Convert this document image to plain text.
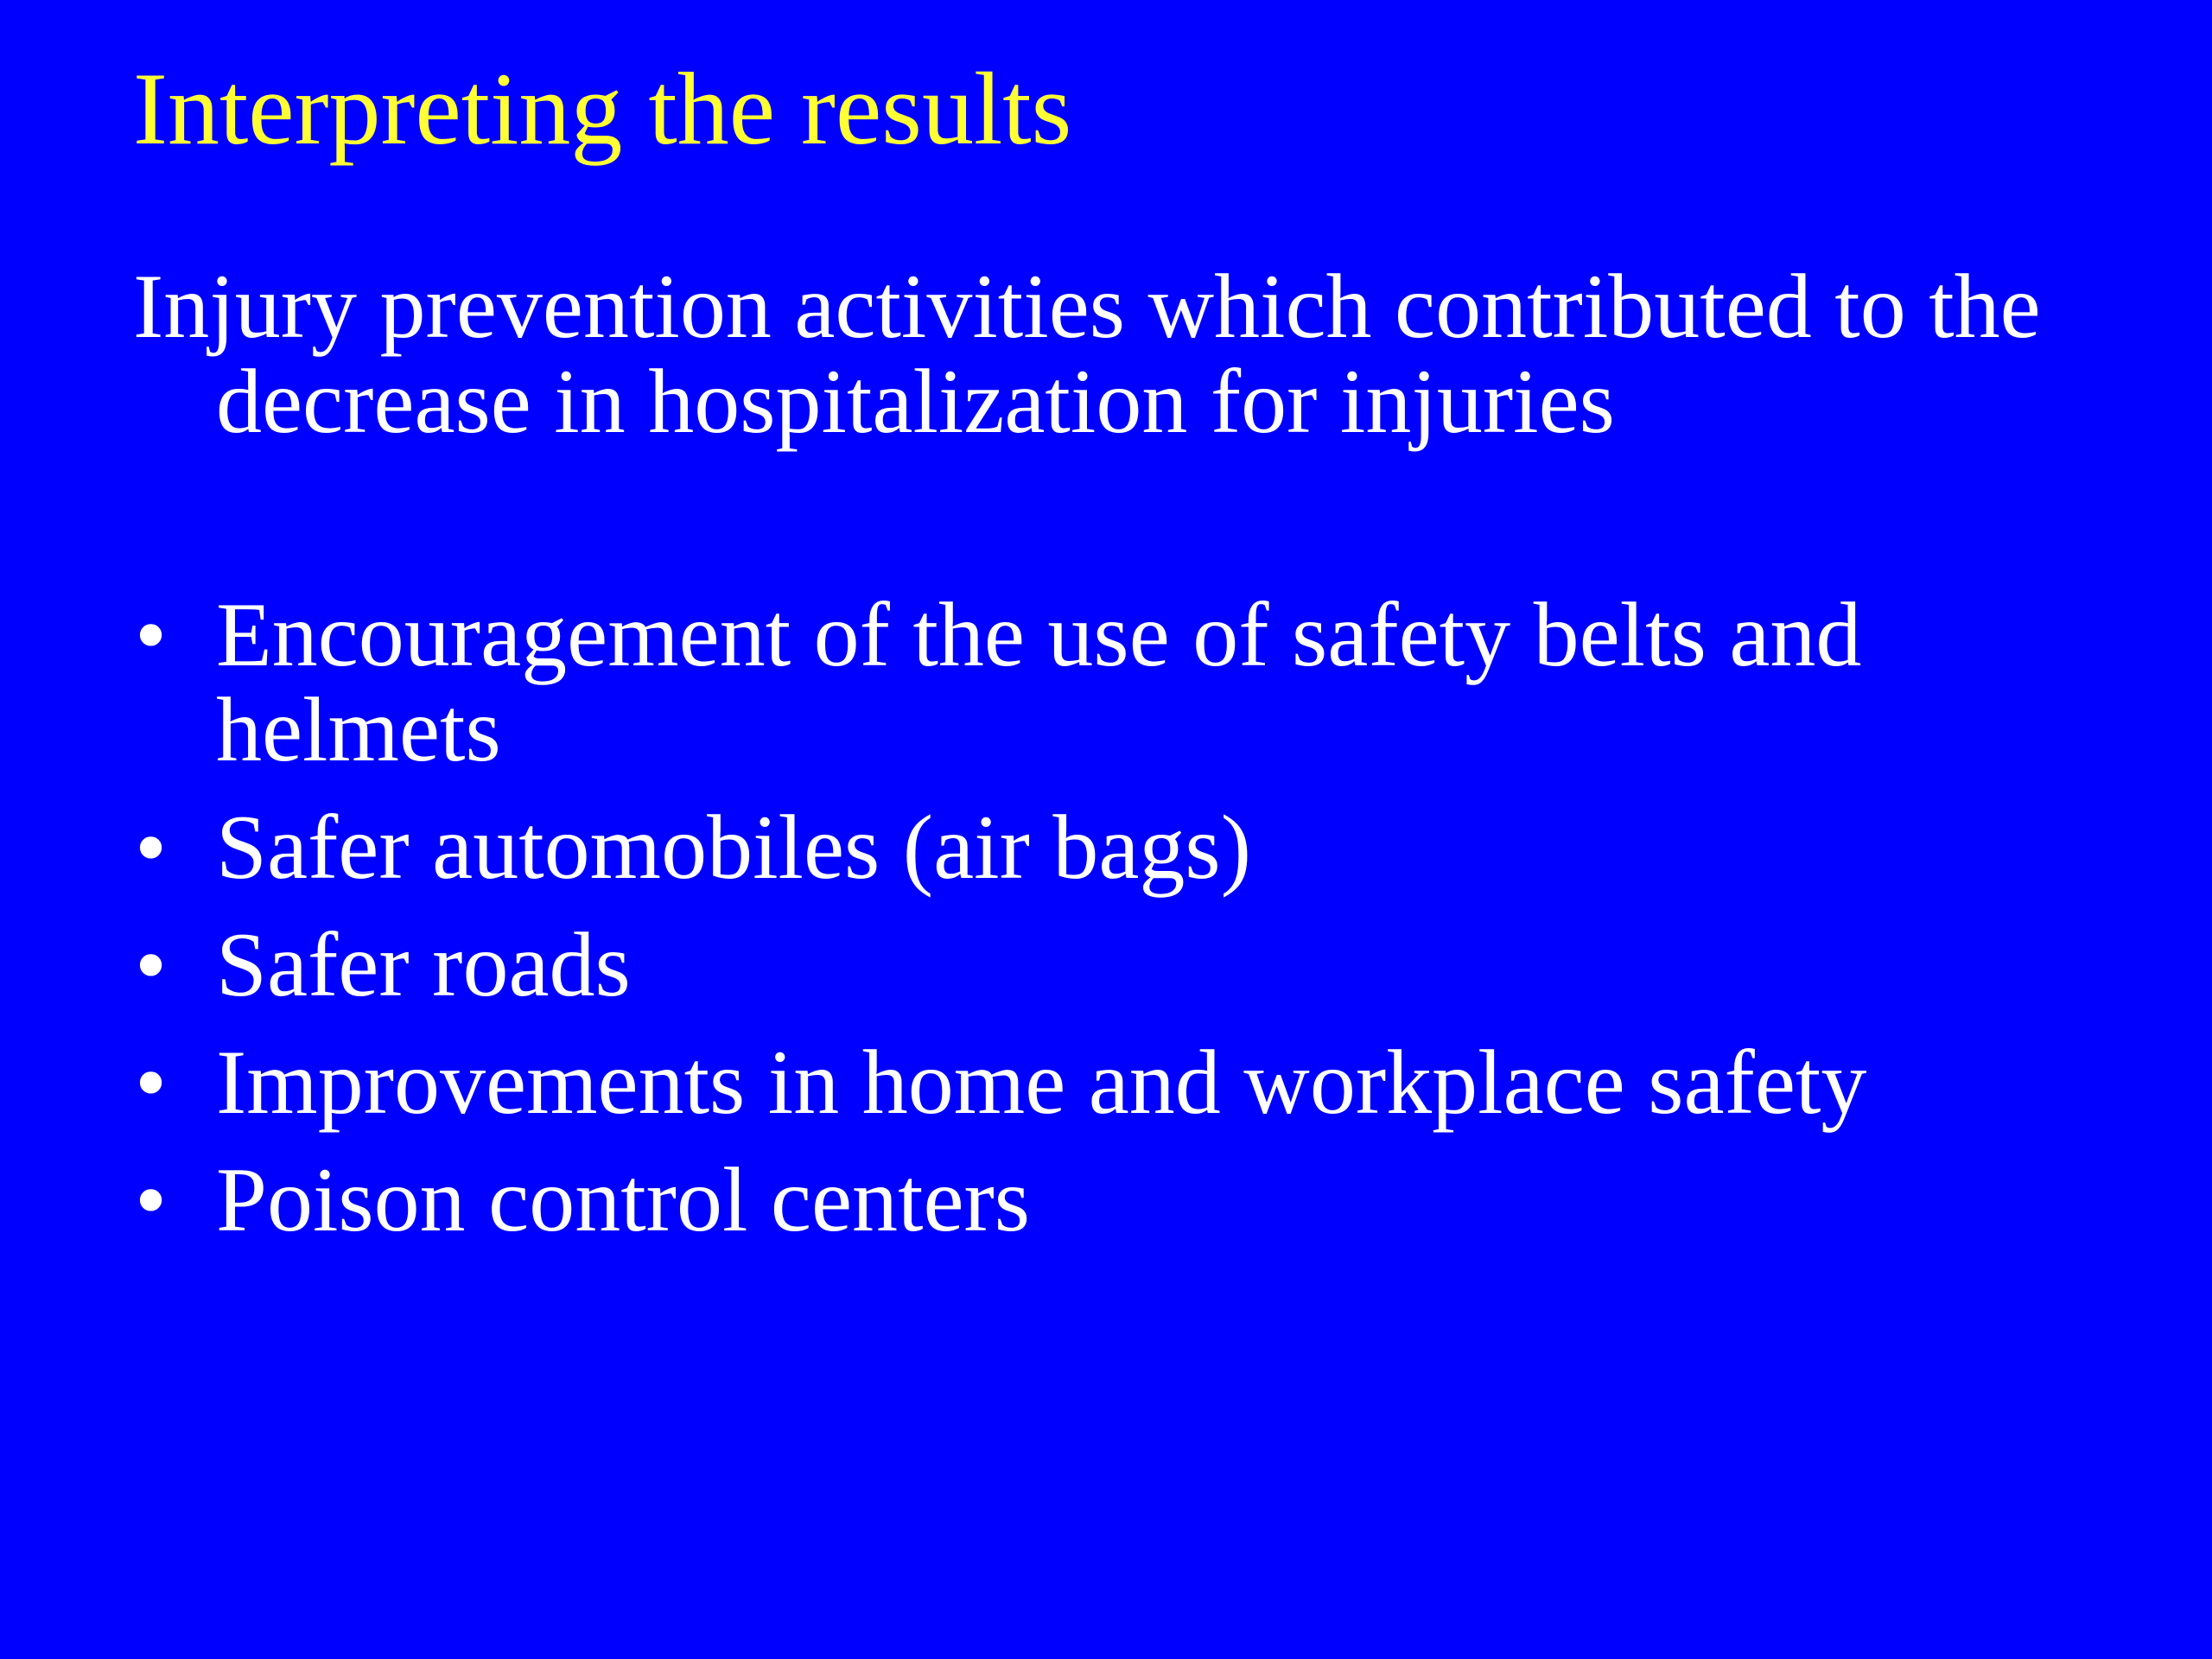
Interpreting the results

Injury prevention activities which contributed to the decrease in hospitalization for injuries

• Encouragement of the use of safety belts and helmets
• Safer automobiles (air bags)
• Safer roads
• Improvements in home and workplace safety
• Poison control centers
